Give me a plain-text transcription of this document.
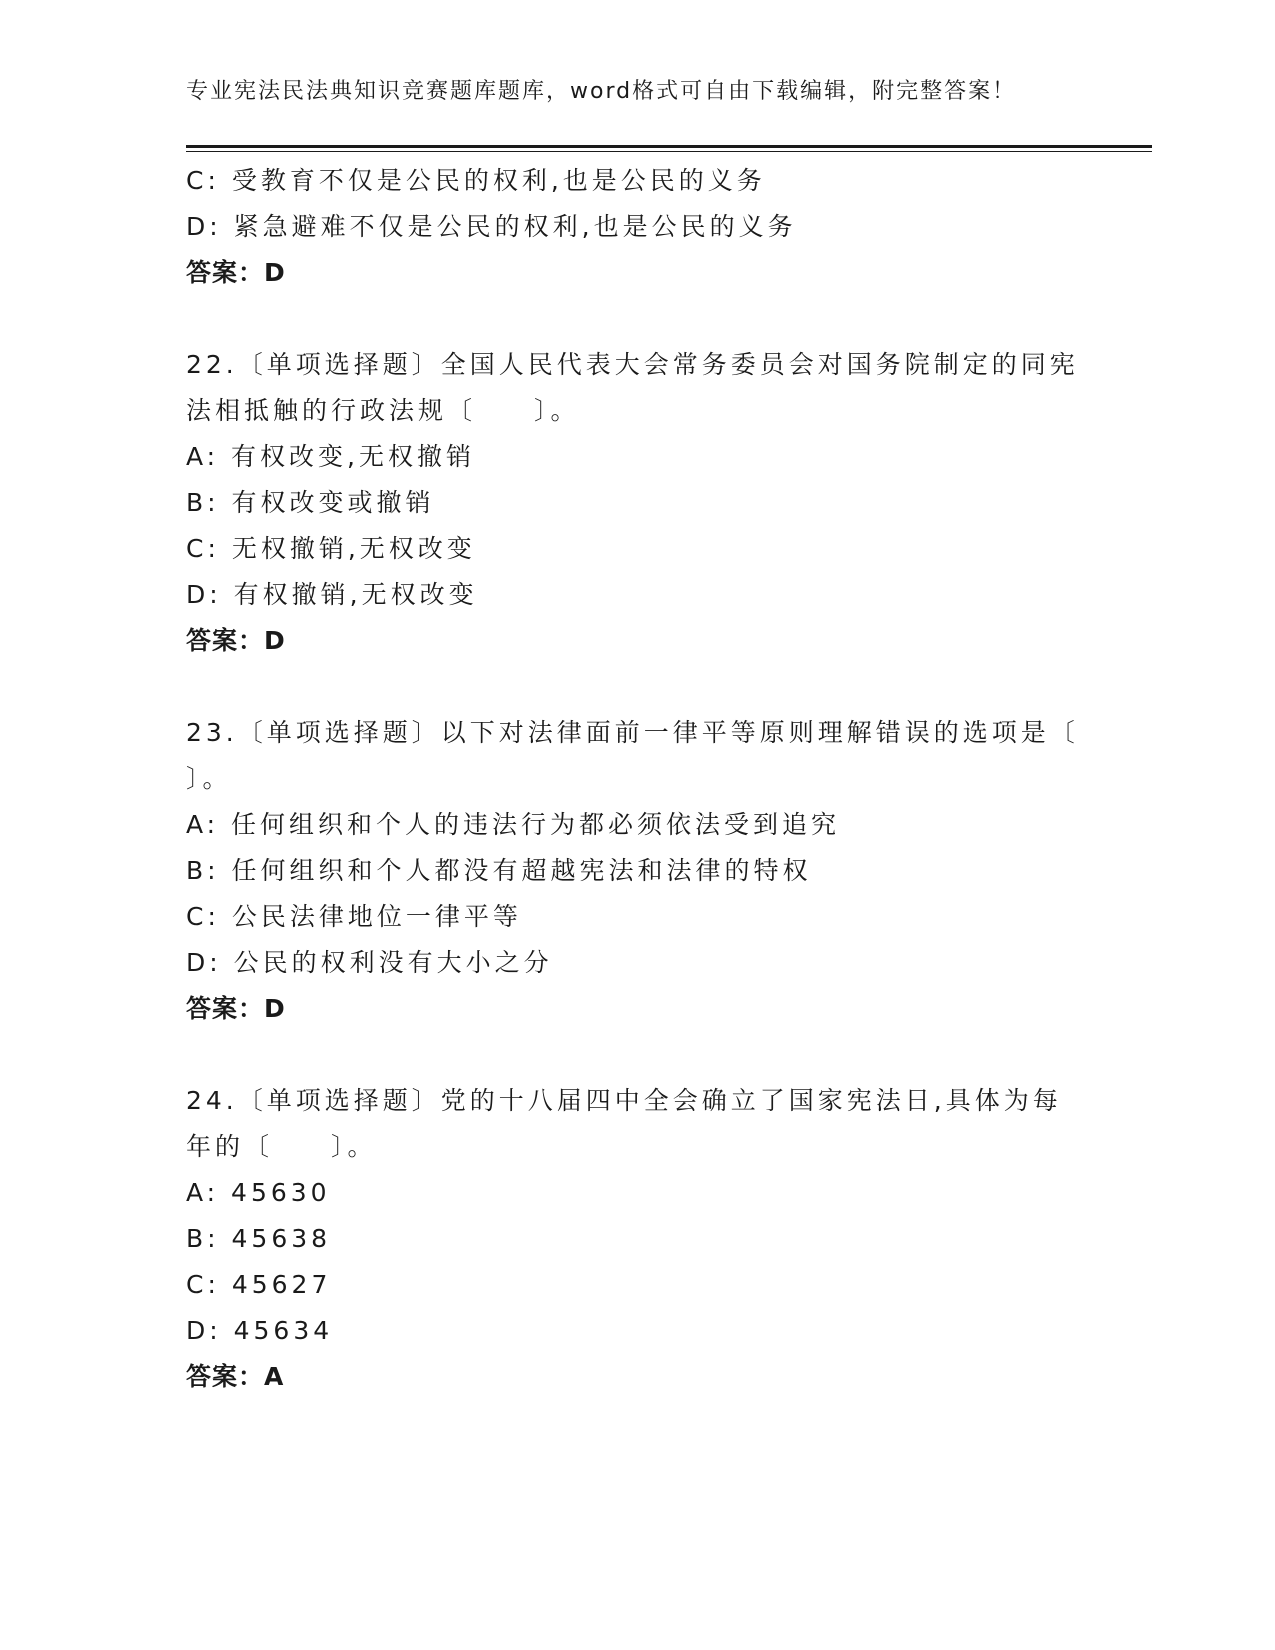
专业宪法民法典知识竞赛题库题库，word格式可自由下载编辑，附完整答案！
C: 受教育不仅是公民的权利,也是公民的义务
D: 紧急避难不仅是公民的权利,也是公民的义务
答案：D
22.〔单项选择题〕全国人民代表大会常务委员会对国务院制定的同宪
法相抵触的行政法规〔　　〕。
A: 有权改变,无权撤销
B: 有权改变或撤销
C: 无权撤销,无权改变
D: 有权撤销,无权改变
答案：D
23.〔单项选择题〕以下对法律面前一律平等原则理解错误的选项是〔
〕。
A: 任何组织和个人的违法行为都必须依法受到追究
B: 任何组织和个人都没有超越宪法和法律的特权
C: 公民法律地位一律平等
D: 公民的权利没有大小之分
答案：D
24.〔单项选择题〕党的十八届四中全会确立了国家宪法日,具体为每
年的〔　　〕。
A: 45630
B: 45638
C: 45627
D: 45634
答案：A
